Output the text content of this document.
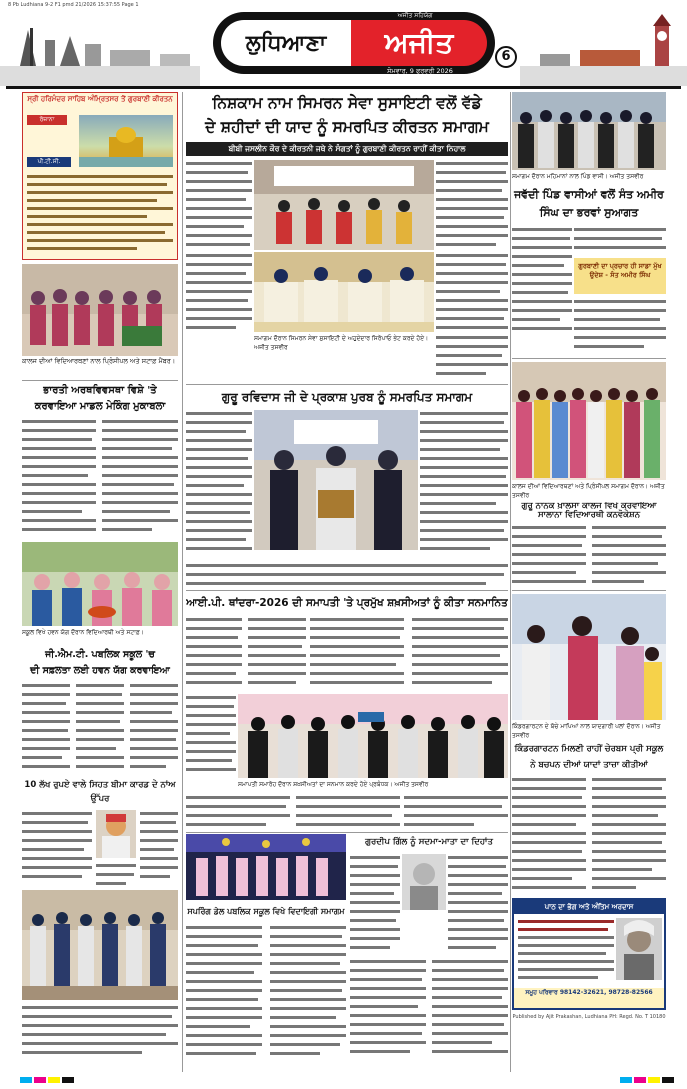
8 Pb Ludhiana 9-2 F1 pmd 21/2026 15:37:55 Page 1
ਲੁਧਿਆਣਾ	ਅਜੀਤ
ਅਜੀਤ ਸਹਿਯੋਗ
ਸੋਮਵਾਰ, 9 ਫਰਵਰੀ 2026
6
ਸ੍ਰੀ ਹਰਿਮੰਦਰ ਸਾਹਿਬ ਅੰਮ੍ਰਿਤਸਰ ਤੋਂ ਗੁਰਬਾਣੀ ਕੀਰਤਨ
ਰੋਜ਼ਾਨਾ
ਪੀ.ਟੀ.ਸੀ.
ਕਾਲਜ ਦੀਆਂ ਵਿਦਿਆਰਥਣਾਂ ਨਾਲ ਪ੍ਰਿੰਸੀਪਲ ਅਤੇ ਸਟਾਫ਼ ਮੈਂਬਰ।
ਨਿਸ਼ਕਾਮ ਨਾਮ ਸਿਮਰਨ ਸੇਵਾ ਸੁਸਾਇਟੀ ਵਲੋਂ ਵੱਡੇ
ਦੇ ਸ਼ਹੀਦਾਂ ਦੀ ਯਾਦ ਨੂੰ ਸਮਰਪਿਤ ਕੀਰਤਨ ਸਮਾਗਮ
ਬੀਬੀ ਜਸਲੀਨ ਕੌਰ ਦੇ ਕੀਰਤਨੀ ਜਥੇ ਨੇ ਸੰਗਤਾਂ ਨੂੰ ਗੁਰਬਾਣੀ ਕੀਰਤਨ ਰਾਹੀਂ ਕੀਤਾ ਨਿਹਾਲ
ਸਮਾਗਮ ਦੌਰਾਨ ਸਿਮਰਨ ਸੇਵਾ ਸੁਸਾਇਟੀ ਦੇ ਅਹੁਦੇਦਾਰ ਸਿਰੋਪਾਓ ਭੇਟ ਕਰਦੇ ਹੋਏ। ਅਜੀਤ ਤਸਵੀਰ
ਸਮਾਗਮ ਦੌਰਾਨ ਮਹਿਮਾਨਾਂ ਨਾਲ ਪਿੰਡ ਵਾਸੀ। ਅਜੀਤ ਤਸਵੀਰ
ਜਵੱਦੀ ਪਿੰਡ ਵਾਸੀਆਂ ਵਲੋਂ ਸੰਤ ਅਮੀਰ ਸਿੰਘ ਦਾ ਭਰਵਾਂ ਸੁਆਗਤ
ਗੁਰਬਾਣੀ ਦਾ ਪ੍ਰਚਾਰ ਹੀ ਸਾਡਾ ਮੁੱਖ ਉਦੇਸ਼ - ਸੰਤ ਅਮੀਰ ਸਿੰਘ
ਭਾਰਤੀ ਅਰਥਵਿਵਸਥਾ ਵਿਸ਼ੇ 'ਤੇ
ਕਰਵਾਇਆ ਮਾਡਲ ਮੇਕਿੰਗ ਮੁਕਾਬਲਾ
ਗੁਰੂ ਰਵਿਦਾਸ ਜੀ ਦੇ ਪ੍ਰਕਾਸ਼ ਪੁਰਬ ਨੂੰ ਸਮਰਪਿਤ ਸਮਾਗਮ
ਕਾਲਜ ਦੀਆਂ ਵਿਦਿਆਰਥਣਾਂ ਅਤੇ ਪ੍ਰਿੰਸੀਪਲ ਸਮਾਗਮ ਦੌਰਾਨ। ਅਜੀਤ ਤਸਵੀਰ
ਗੁਰੂ ਨਾਨਕ ਖ਼ਾਲਸਾ ਕਾਲਜ ਵਿਖੇ ਕਰਵਾਇਆ ਸਾਲਾਨਾ ਵਿਦਿਆਰਥੀ ਕਨਵੋਕੇਸ਼ਨ
ਸਕੂਲ ਵਿਖੇ ਹਵਨ ਯੱਗ ਦੌਰਾਨ ਵਿਦਿਆਰਥੀ ਅਤੇ ਸਟਾਫ਼।
ਜੀ.ਐਮ.ਟੀ. ਪਬਲਿਕ ਸਕੂਲ 'ਚ
ਦੀ ਸਫ਼ਲਤਾ ਲਈ ਹਵਨ ਯੱਗ ਕਰਵਾਇਆ
ਆਈ.ਪੀ. ਥਾਂਦਰਾ-2026 ਦੀ ਸਮਾਪਤੀ 'ਤੇ ਪ੍ਰਮੁੱਖ ਸ਼ਖ਼ਸੀਅਤਾਂ ਨੂੰ ਕੀਤਾ ਸਨਮਾਨਿਤ
ਸਮਾਪਤੀ ਸਮਾਰੋਹ ਦੌਰਾਨ ਸ਼ਖ਼ਸੀਅਤਾਂ ਦਾ ਸਨਮਾਨ ਕਰਦੇ ਹੋਏ ਪ੍ਰਬੰਧਕ। ਅਜੀਤ ਤਸਵੀਰ
ਕਿੰਡਰਗਾਰਟਨ ਦੇ ਬੱਚੇ ਮਾਪਿਆਂ ਨਾਲ ਯਾਦਗਾਰੀ ਪਲਾਂ ਦੌਰਾਨ। ਅਜੀਤ ਤਸਵੀਰ
ਕਿੰਡਰਗਾਰਟਨ ਮਿਲਣੀ ਰਾਹੀਂ ਚੇਰਬਸ ਪ੍ਰੀ ਸਕੂਲ
ਨੇ ਬਚਪਨ ਦੀਆਂ ਯਾਦਾਂ ਤਾਜ਼ਾ ਕੀਤੀਆਂ
10 ਲੱਖ ਰੁਪਏ ਵਾਲੇ ਸਿਹਤ ਬੀਮਾ ਕਾਰਡ ਦੇ ਨਾਂਅ ਉੱਪਰ
ਗੁਰਦੀਪ ਗਿੱਲ ਨੂੰ ਸਦਮਾ-ਮਾਤਾ ਦਾ ਦਿਹਾਂਤ
ਸਪਰਿੰਗ ਡੇਲ ਪਬਲਿਕ ਸਕੂਲ ਵਿਖੇ ਵਿਦਾਇਗੀ ਸਮਾਗਮ	ਪਾਠ ਦਾ ਭੋਗ ਅਤੇ ਅੰਤਿਮ ਅਰਦਾਸ
ਸਮੂਹ ਪਰਿਵਾਰ 98142-32621, 98728-82566
Published by Ajit Prakashan, Ludhiana PH: Regd. No. T 10180
